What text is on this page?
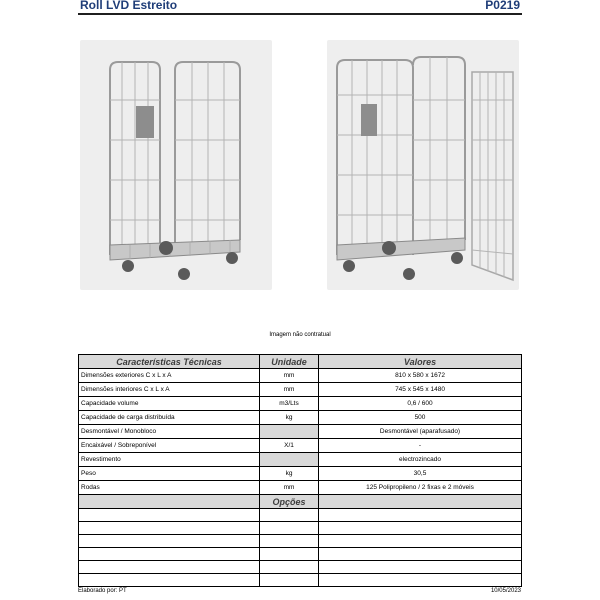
Roll LVD Estreito	P0219
Imagem não contratual
Características Técnicas	Unidade	Valores
Dimensões exteriores C x L x A	mm	810 x 580 x 1672
Dimensões interiores C x L x A	mm	745 x 545 x 1480
Capacidade volume	m3/Lts	0,6 / 600
Capacidade de carga distribuída	kg	500
Desmontável / Monobloco		Desmontável (aparafusado)
Encaixável / Sobreponível	X/1	-
Revestimento		electrozincado
Peso	kg	30,5
Rodas	mm	125 Polipropileno / 2 fixas e 2 móveis
	Opções	

Elaborado por: PT	10/05/2023
